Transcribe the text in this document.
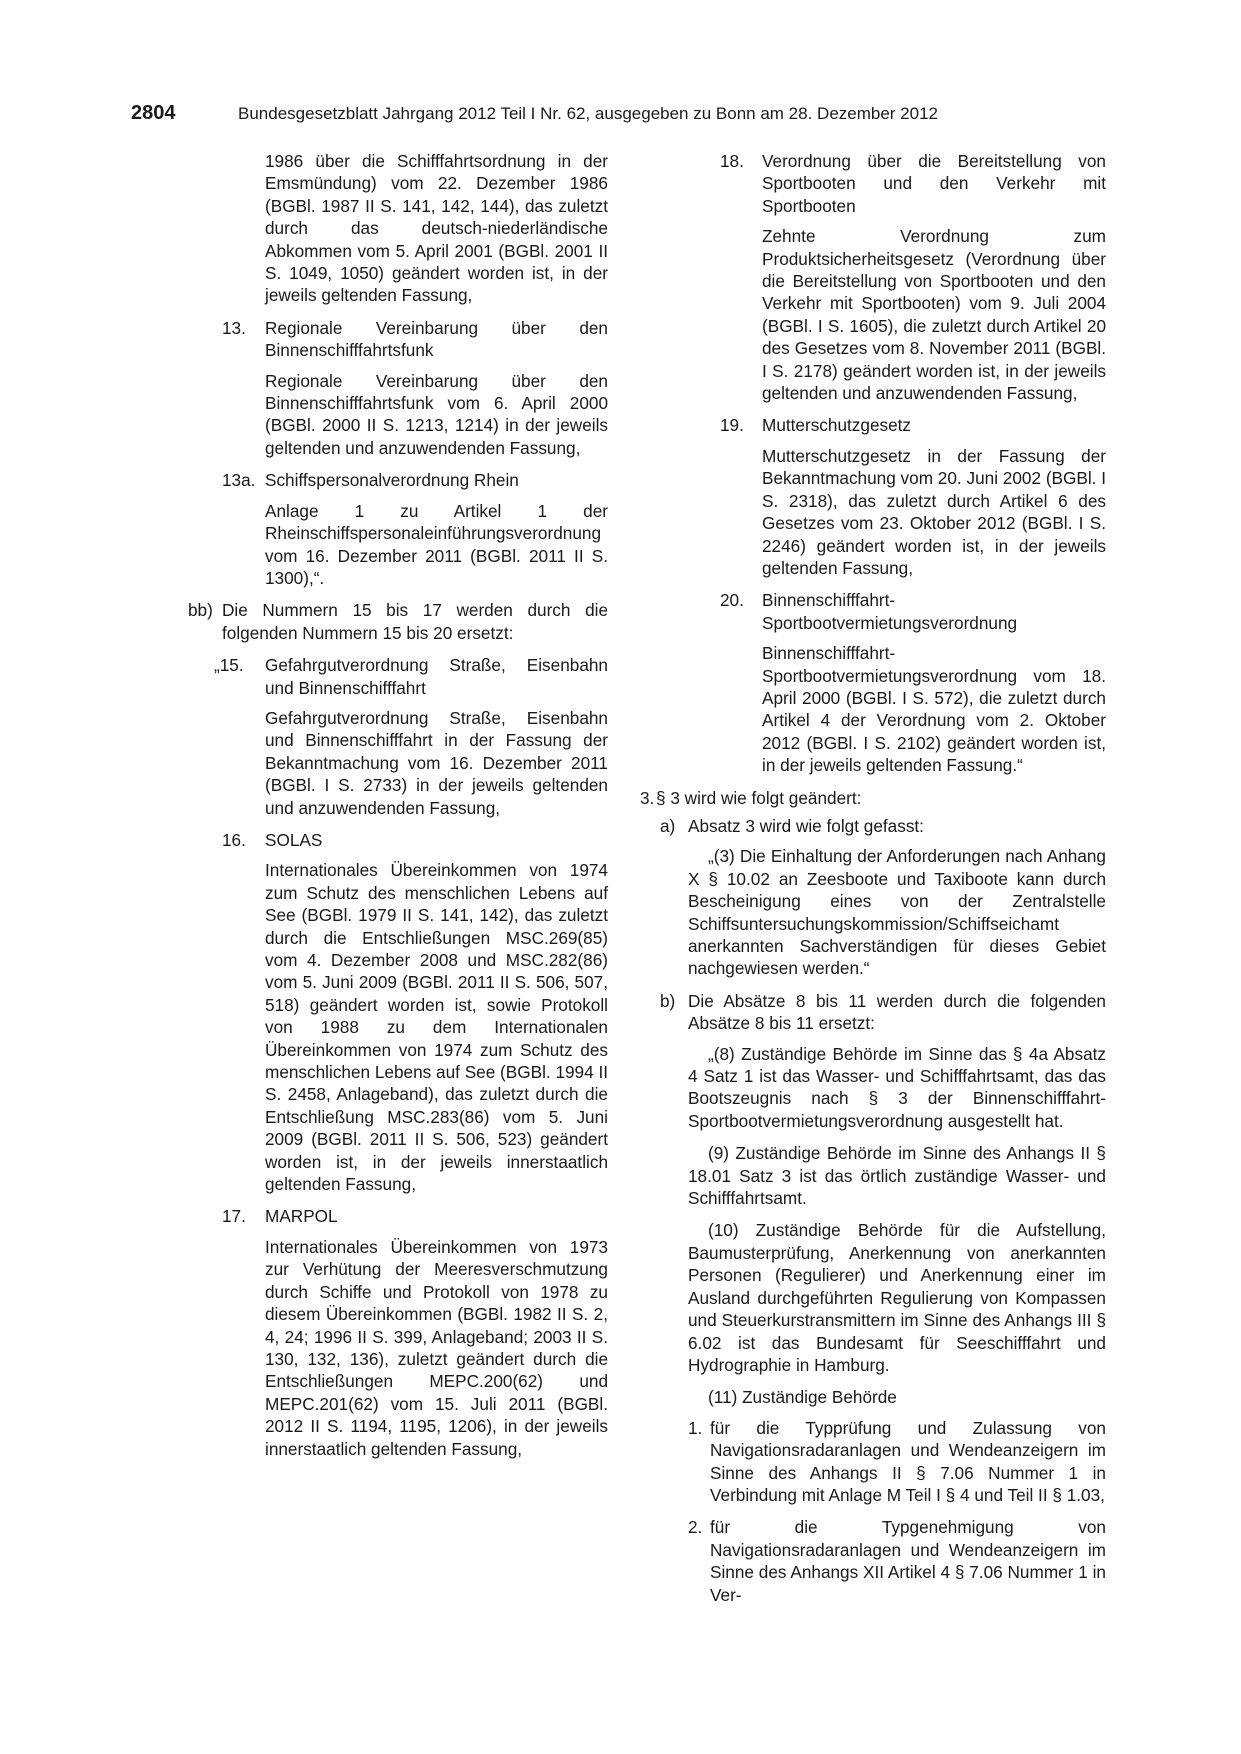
2804	Bundesgesetzblatt Jahrgang 2012 Teil I Nr. 62, ausgegeben zu Bonn am 28. Dezember 2012

1986 über die Schifffahrtsordnung in der Emsmündung) vom 22. Dezember 1986 (BGBl. 1987 II S. 141, 142, 144), das zuletzt durch das deutsch-niederländische Abkommen vom 5. April 2001 (BGBl. 2001 II S. 1049, 1050) geändert worden ist, in der jeweils geltenden Fassung,

13. Regionale Vereinbarung über den Binnenschifffahrtsfunk

Regionale Vereinbarung über den Binnenschifffahrtsfunk vom 6. April 2000 (BGBl. 2000 II S. 1213, 1214) in der jeweils geltenden und anzuwendenden Fassung,

13a. Schiffspersonalverordnung Rhein

Anlage 1 zu Artikel 1 der Rheinschiffspersonaleinführungsverordnung vom 16. Dezember 2011 (BGBl. 2011 II S. 1300),“.

bb) Die Nummern 15 bis 17 werden durch die folgenden Nummern 15 bis 20 ersetzt:

„15. Gefahrgutverordnung Straße, Eisenbahn und Binnenschifffahrt

Gefahrgutverordnung Straße, Eisenbahn und Binnenschifffahrt in der Fassung der Bekanntmachung vom 16. Dezember 2011 (BGBl. I S. 2733) in der jeweils geltenden und anzuwendenden Fassung,

16. SOLAS

Internationales Übereinkommen von 1974 zum Schutz des menschlichen Lebens auf See (BGBl. 1979 II S. 141, 142), das zuletzt durch die Entschließungen MSC.269(85) vom 4. Dezember 2008 und MSC.282(86) vom 5. Juni 2009 (BGBl. 2011 II S. 506, 507, 518) geändert worden ist, sowie Protokoll von 1988 zu dem Internationalen Übereinkommen von 1974 zum Schutz des menschlichen Lebens auf See (BGBl. 1994 II S. 2458, Anlageband), das zuletzt durch die Entschließung MSC.283(86) vom 5. Juni 2009 (BGBl. 2011 II S. 506, 523) geändert worden ist, in der jeweils innerstaatlich geltenden Fassung,

17. MARPOL

Internationales Übereinkommen von 1973 zur Verhütung der Meeresverschmutzung durch Schiffe und Protokoll von 1978 zu diesem Übereinkommen (BGBl. 1982 II S. 2, 4, 24; 1996 II S. 399, Anlageband; 2003 II S. 130, 132, 136), zuletzt geändert durch die Entschließungen MEPC.200(62) und MEPC.201(62) vom 15. Juli 2011 (BGBl. 2012 II S. 1194, 1195, 1206), in der jeweils innerstaatlich geltenden Fassung,

18. Verordnung über die Bereitstellung von Sportbooten und den Verkehr mit Sportbooten

Zehnte Verordnung zum Produktsicherheitsgesetz (Verordnung über die Bereitstellung von Sportbooten und den Verkehr mit Sportbooten) vom 9. Juli 2004 (BGBl. I S. 1605), die zuletzt durch Artikel 20 des Gesetzes vom 8. November 2011 (BGBl. I S. 2178) geändert worden ist, in der jeweils geltenden und anzuwendenden Fassung,

19. Mutterschutzgesetz

Mutterschutzgesetz in der Fassung der Bekanntmachung vom 20. Juni 2002 (BGBl. I S. 2318), das zuletzt durch Artikel 6 des Gesetzes vom 23. Oktober 2012 (BGBl. I S. 2246) geändert worden ist, in der jeweils geltenden Fassung,

20. Binnenschifffahrt-Sportbootvermietungsverordnung

Binnenschifffahrt-Sportbootvermietungsverordnung vom 18. April 2000 (BGBl. I S. 572), die zuletzt durch Artikel 4 der Verordnung vom 2. Oktober 2012 (BGBl. I S. 2102) geändert worden ist, in der jeweils geltenden Fassung.“

3. § 3 wird wie folgt geändert:

a) Absatz 3 wird wie folgt gefasst:

„(3) Die Einhaltung der Anforderungen nach Anhang X § 10.02 an Zeesboote und Taxiboote kann durch Bescheinigung eines von der Zentralstelle Schiffsuntersuchungskommission/Schiffseichamt anerkannten Sachverständigen für dieses Gebiet nachgewiesen werden.“

b) Die Absätze 8 bis 11 werden durch die folgenden Absätze 8 bis 11 ersetzt:

„(8) Zuständige Behörde im Sinne das § 4a Absatz 4 Satz 1 ist das Wasser- und Schifffahrtsamt, das das Bootszeugnis nach § 3 der Binnenschifffahrt-Sportbootvermietungsverordnung ausgestellt hat.

(9) Zuständige Behörde im Sinne des Anhangs II § 18.01 Satz 3 ist das örtlich zuständige Wasser- und Schifffahrtsamt.

(10) Zuständige Behörde für die Aufstellung, Baumusterprüfung, Anerkennung von anerkannten Personen (Regulierer) und Anerkennung einer im Ausland durchgeführten Regulierung von Kompassen und Steuerkurstransmittern im Sinne des Anhangs III § 6.02 ist das Bundesamt für Seeschifffahrt und Hydrographie in Hamburg.

(11) Zuständige Behörde

1. für die Typprüfung und Zulassung von Navigationsradaranlagen und Wendeanzeigern im Sinne des Anhangs II § 7.06 Nummer 1 in Verbindung mit Anlage M Teil I § 4 und Teil II § 1.03,

2. für die Typgenehmigung von Navigationsradaranlagen und Wendeanzeigern im Sinne des Anhangs XII Artikel 4 § 7.06 Nummer 1 in Ver-
